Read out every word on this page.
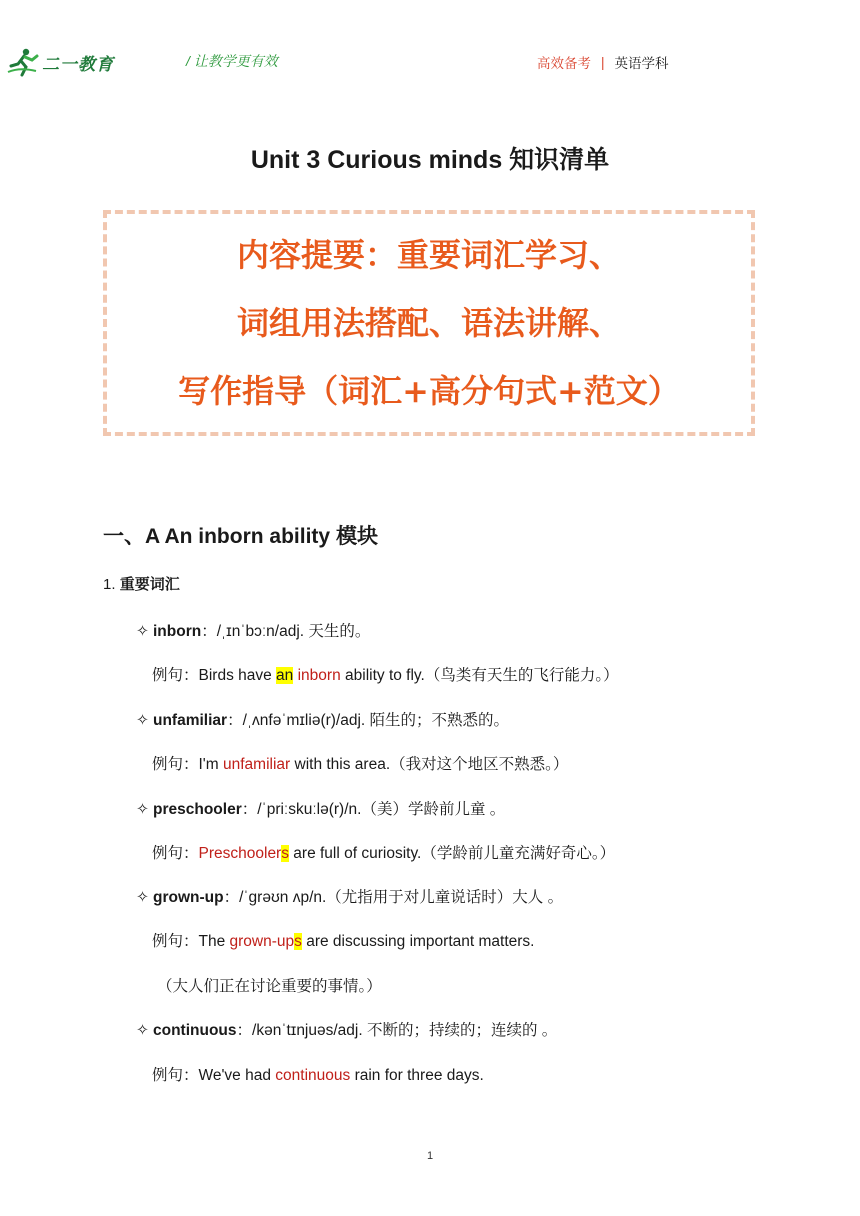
二一教育	/ 让教学更有效	高效备考 | 英语学科
Unit 3 Curious minds 知识清单
内容提要：重要词汇学习、
词组用法搭配、语法讲解、
写作指导（词汇+高分句式+范文）
一、A An inborn ability 模块
1. 重要词汇
✧ inborn：/ˌɪnˈbɔːn/adj. 天生的。
例句：Birds have an inborn ability to fly.（鸟类有天生的飞行能力。）
✧ unfamiliar：/ˌʌnfəˈmɪliə(r)/adj. 陌生的；不熟悉的。
例句：I'm unfamiliar with this area.（我对这个地区不熟悉。）
✧ preschooler：/ˈpriːskuːlə(r)/n.（美）学龄前儿童 。
例句：Preschoolers are full of curiosity.（学龄前儿童充满好奇心。）
✧ grown-up：/ˈɡrəʊn ʌp/n.（尤指用于对儿童说话时）大人 。
例句：The grown-ups are discussing important matters.
（大人们正在讨论重要的事情。）
✧ continuous：/kənˈtɪnjuəs/adj. 不断的；持续的；连续的 。
例句：We've had continuous rain for three days.
1
